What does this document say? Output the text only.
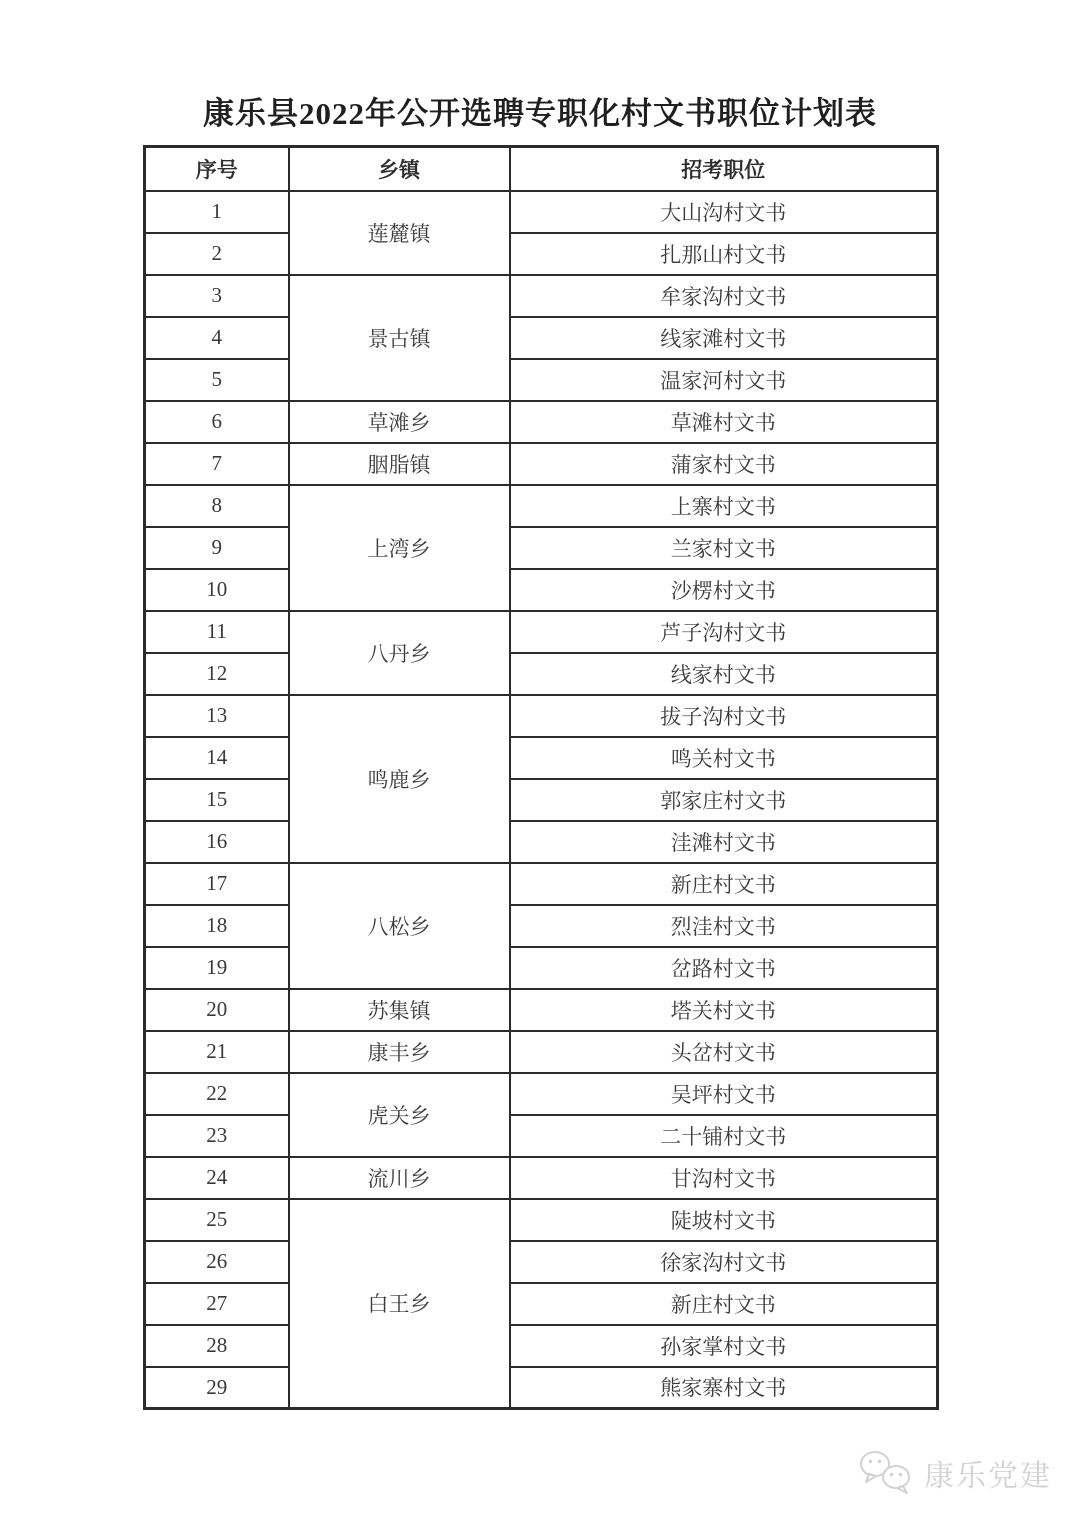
康乐县2022年公开选聘专职化村文书职位计划表
序号	乡镇	招考职位
1	莲麓镇	大山沟村文书
2		扎那山村文书
3	景古镇	牟家沟村文书
4		线家滩村文书
5		温家河村文书
6	草滩乡	草滩村文书
7	胭脂镇	蒲家村文书
8	上湾乡	上寨村文书
9		兰家村文书
10		沙楞村文书
11	八丹乡	芦子沟村文书
12		线家村文书
13	鸣鹿乡	拔子沟村文书
14		鸣关村文书
15		郭家庄村文书
16		洼滩村文书
17	八松乡	新庄村文书
18		烈洼村文书
19		岔路村文书
20	苏集镇	塔关村文书
21	康丰乡	头岔村文书
22	虎关乡	吴坪村文书
23		二十铺村文书
24	流川乡	甘沟村文书
25	白王乡	陡坡村文书
26		徐家沟村文书
27		新庄村文书
28		孙家掌村文书
29		熊家寨村文书
康乐党建
